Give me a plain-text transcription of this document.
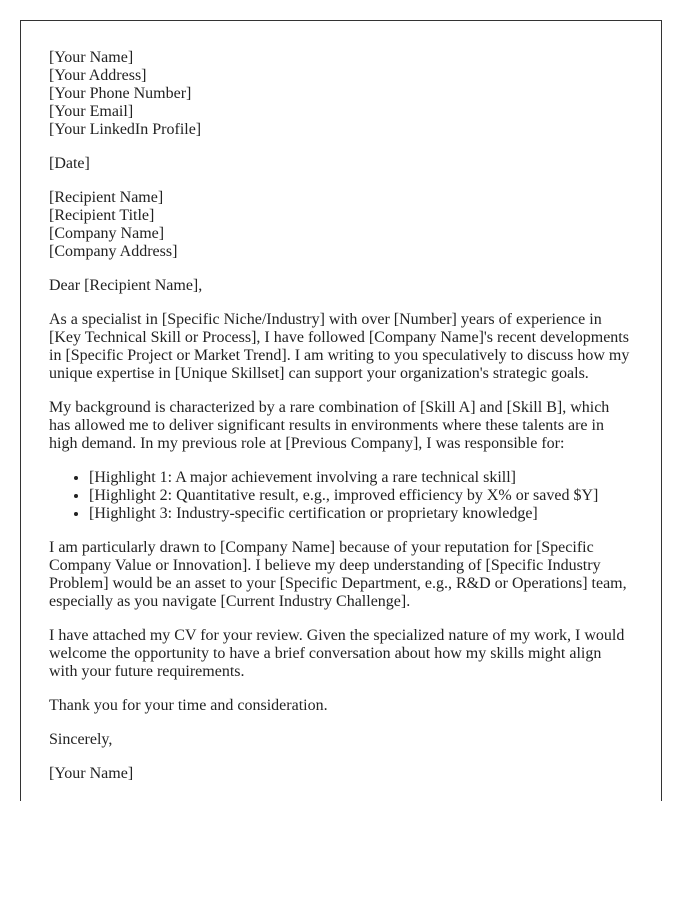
[Your Name]
[Your Address]
[Your Phone Number]
[Your Email]
[Your LinkedIn Profile]

[Date]

[Recipient Name]
[Recipient Title]
[Company Name]
[Company Address]

Dear [Recipient Name],

As a specialist in [Specific Niche/Industry] with over [Number] years of experience in [Key Technical Skill or Process], I have followed [Company Name]'s recent developments in [Specific Project or Market Trend]. I am writing to you speculatively to discuss how my unique expertise in [Unique Skillset] can support your organization's strategic goals.

My background is characterized by a rare combination of [Skill A] and [Skill B], which has allowed me to deliver significant results in environments where these talents are in high demand. In my previous role at [Previous Company], I was responsible for:

• [Highlight 1: A major achievement involving a rare technical skill]
• [Highlight 2: Quantitative result, e.g., improved efficiency by X% or saved $Y]
• [Highlight 3: Industry-specific certification or proprietary knowledge]

I am particularly drawn to [Company Name] because of your reputation for [Specific Company Value or Innovation]. I believe my deep understanding of [Specific Industry Problem] would be an asset to your [Specific Department, e.g., R&D or Operations] team, especially as you navigate [Current Industry Challenge].

I have attached my CV for your review. Given the specialized nature of my work, I would welcome the opportunity to have a brief conversation about how my skills might align with your future requirements.

Thank you for your time and consideration.

Sincerely,

[Your Name]
